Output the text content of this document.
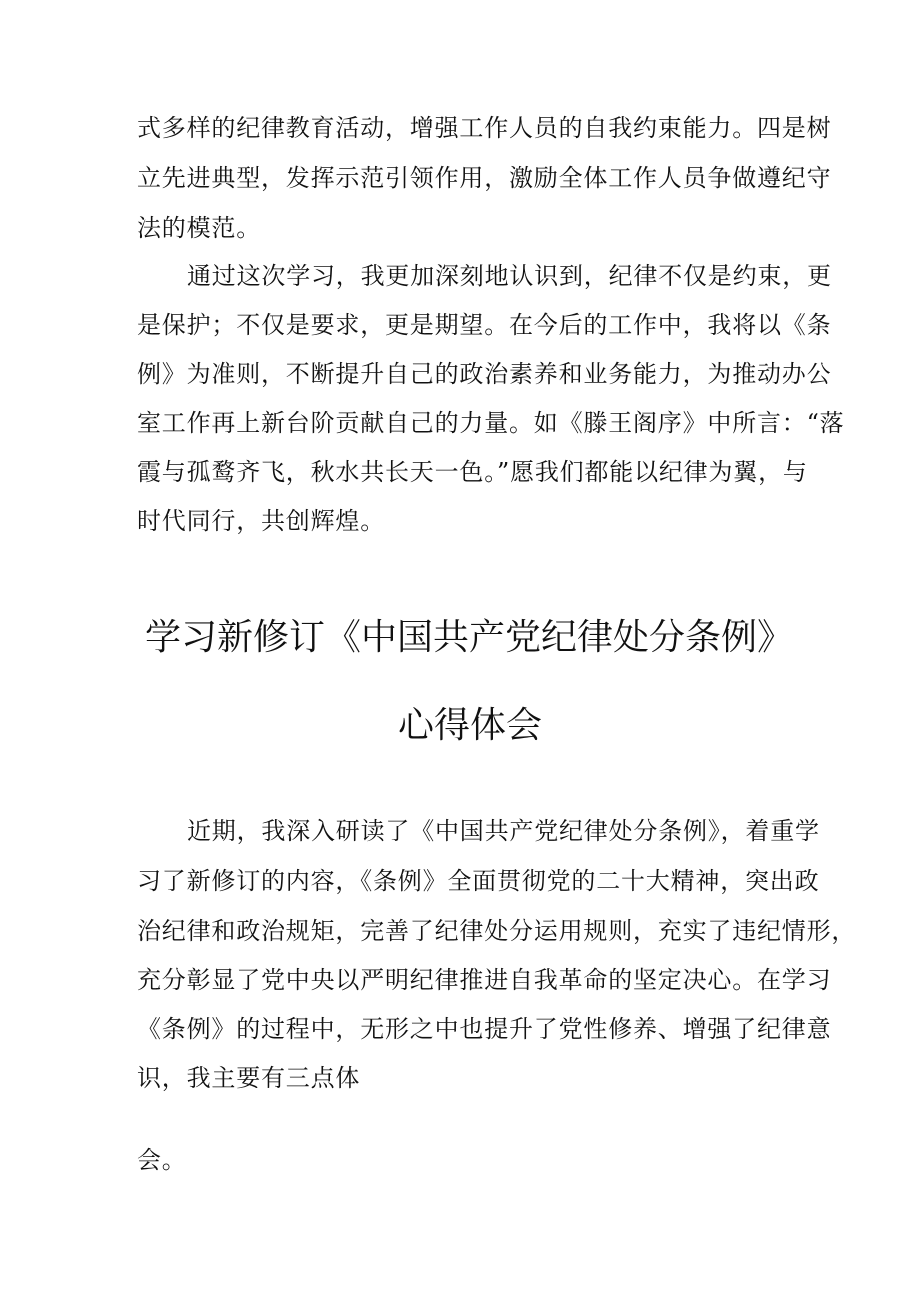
式多样的纪律教育活动，增强工作人员的自我约束能力。四是树
立先进典型，发挥示范引领作用，激励全体工作人员争做遵纪守
法的模范。
通过这次学习，我更加深刻地认识到，纪律不仅是约束，更
是保护；不仅是要求，更是期望。在今后的工作中，我将以《条
例》为准则，不断提升自己的政治素养和业务能力，为推动办公
室工作再上新台阶贡献自己的力量。如《滕王阁序》中所言：“落
霞与孤鹜齐飞，秋水共长天一色。”愿我们都能以纪律为翼，与
时代同行，共创辉煌。
学习新修订《中国共产党纪律处分条例》
心得体会
近期，我深入研读了《中国共产党纪律处分条例》，着重学
习了新修订的内容，《条例》全面贯彻党的二十大精神，突出政
治纪律和政治规矩，完善了纪律处分运用规则，充实了违纪情形，
充分彰显了党中央以严明纪律推进自我革命的坚定决心。在学习
《条例》的过程中，无形之中也提升了党性修养、增强了纪律意
识，我主要有三点体
会。
